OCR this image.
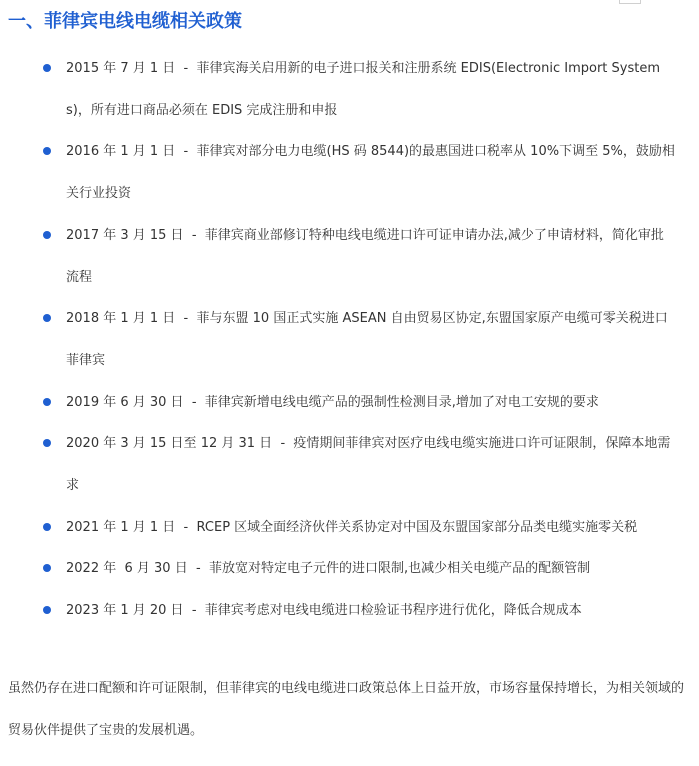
一、菲律宾电线电缆相关政策
2015 年 7 月 1 日  -  菲律宾海关启用新的电子进口报关和注册系统 EDIS(Electronic Import Systems)，所有进口商品必须在 EDIS 完成注册和申报
2016 年 1 月 1 日  -  菲律宾对部分电力电缆(HS 码 8544)的最惠国进口税率从 10%下调至 5%，鼓励相关行业投资
2017 年 3 月 15 日  -  菲律宾商业部修订特种电线电缆进口许可证申请办法,减少了申请材料，简化审批流程
2018 年 1 月 1 日  -  菲与东盟 10 国正式实施 ASEAN 自由贸易区协定,东盟国家原产电缆可零关税进口菲律宾
2019 年 6 月 30 日  -  菲律宾新增电线电缆产品的强制性检测目录,增加了对电工安规的要求
2020 年 3 月 15 日至 12 月 31 日  -  疫情期间菲律宾对医疗电线电缆实施进口许可证限制，保障本地需求
2021 年 1 月 1 日  -  RCEP 区域全面经济伙伴关系协定对中国及东盟国家部分品类电缆实施零关税
2022 年  6 月 30 日  -  菲放宽对特定电子元件的进口限制,也减少相关电缆产品的配额管制
2023 年 1 月 20 日  -  菲律宾考虑对电线电缆进口检验证书程序进行优化，降低合规成本

虽然仍存在进口配额和许可证限制，但菲律宾的电线电缆进口政策总体上日益开放，市场容量保持增长，为相关领域的贸易伙伴提供了宝贵的发展机遇。
